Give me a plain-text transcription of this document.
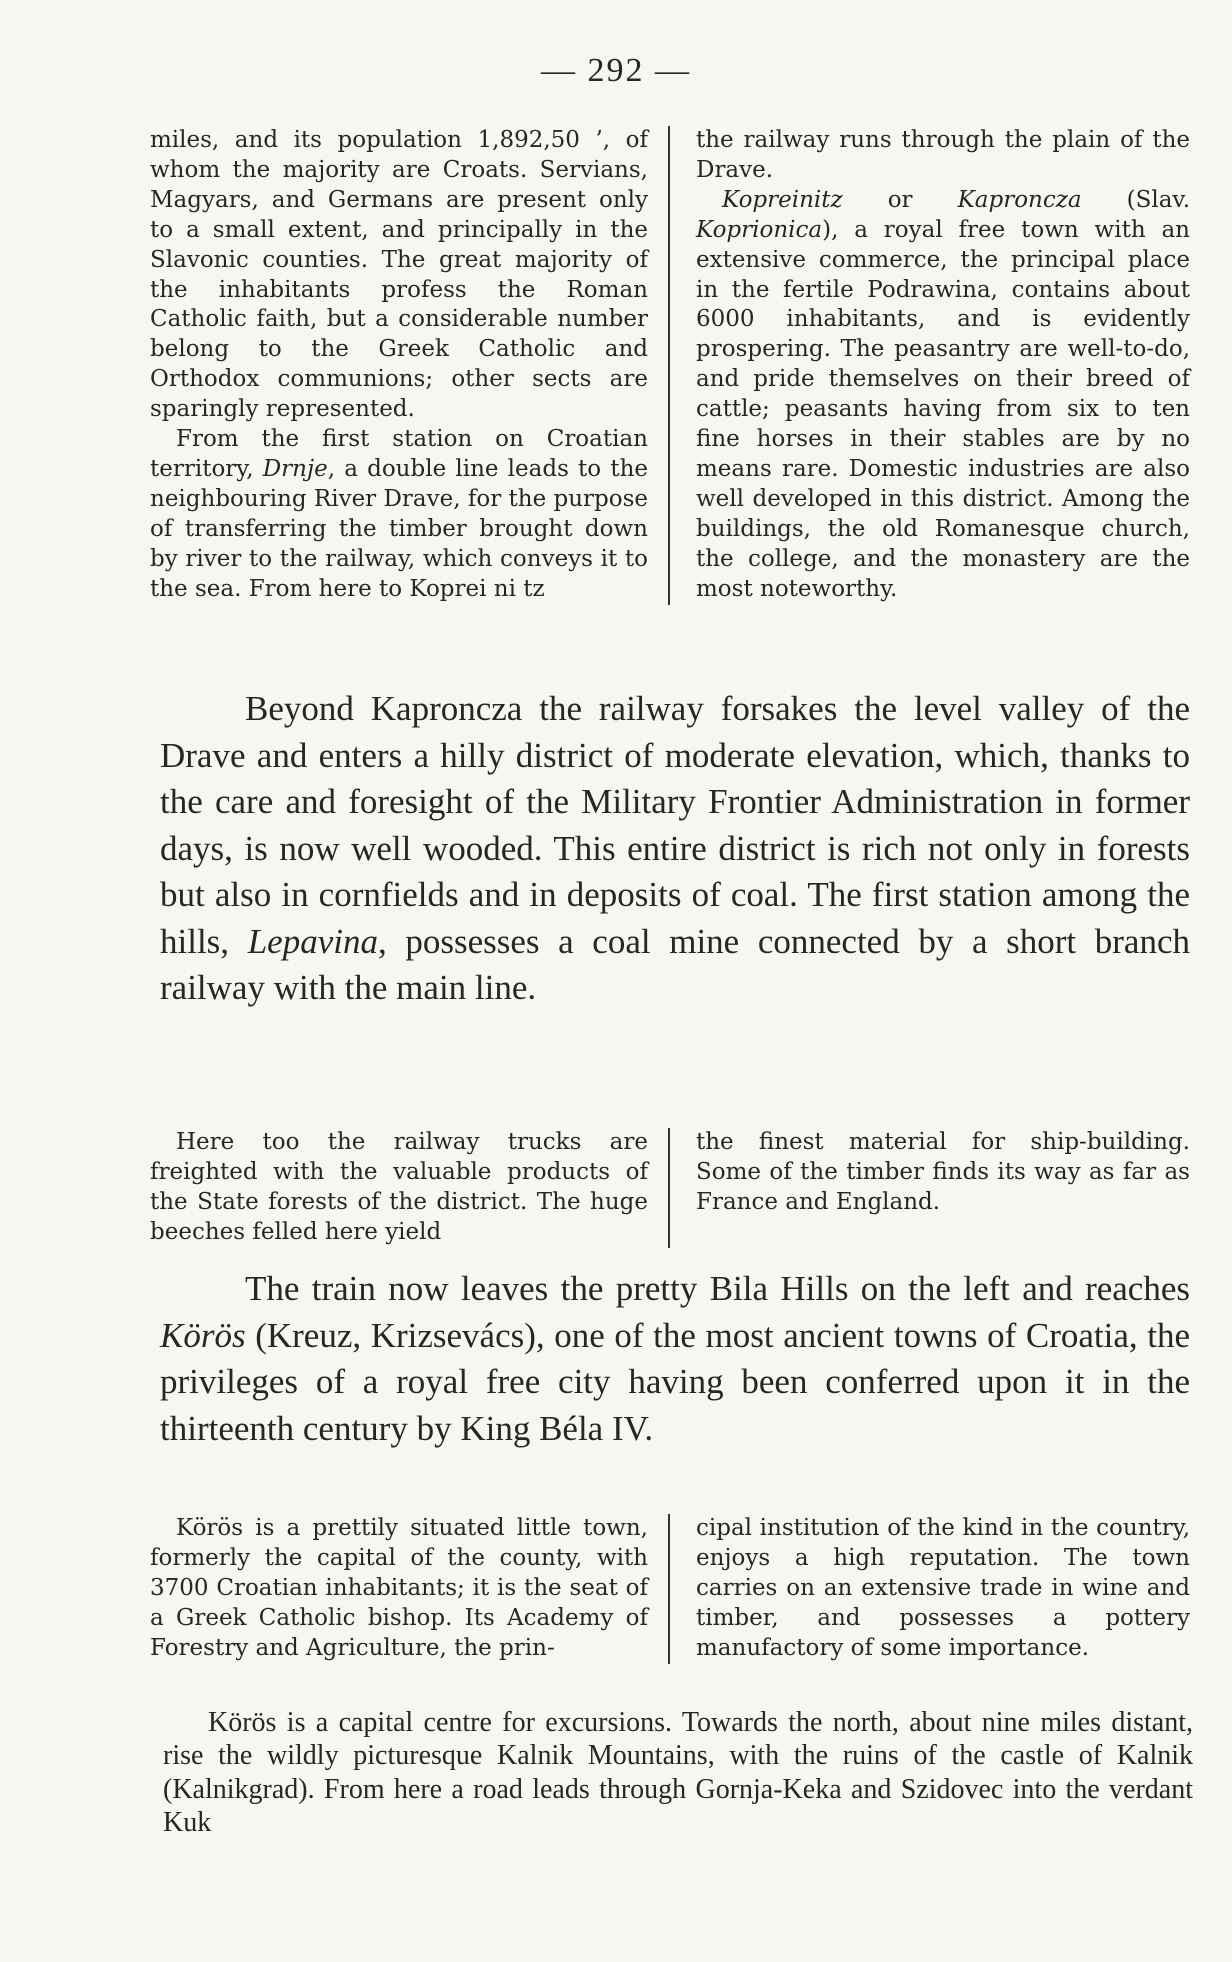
— 292 —

miles, and its population 1,892,50 ’, of whom the majority are Croats. Servians, Magyars, and Germans are present only to a small extent, and principally in the Slavonic counties. The great majority of the inhabitants profess the Roman Catholic faith, but a considerable number belong to the Greek Catholic and Orthodox communions; other sects are sparingly represented.

From the first station on Croatian territory, Drnje, a double line leads to the neighbouring River Drave, for the purpose of transferring the timber brought down by river to the railway, which conveys it to the sea. From here to Koprei ni tz

the railway runs through the plain of the Drave.

Kopreinitz or Kaproncza (Slav. Koprionica), a royal free town with an extensive commerce, the principal place in the fertile Podrawina, contains about 6000 inhabitants, and is evidently prospering. The peasantry are well-to-do, and pride themselves on their breed of cattle; peasants having from six to ten fine horses in their stables are by no means rare. Domestic industries are also well developed in this district. Among the buildings, the old Romanesque church, the college, and the monastery are the most noteworthy.

Beyond Kaproncza the railway forsakes the level valley of the Drave and enters a hilly district of moderate elevation, which, thanks to the care and foresight of the Military Frontier Administration in former days, is now well wooded. This entire district is rich not only in forests but also in cornfields and in deposits of coal. The first station among the hills, Lepavina, possesses a coal mine connected by a short branch railway with the main line.

Here too the railway trucks are freighted with the valuable products of the State forests of the district. The huge beeches felled here yield

the finest material for ship-building. Some of the timber finds its way as far as France and England.

The train now leaves the pretty Bila Hills on the left and reaches Körös (Kreuz, Krizsevács), one of the most ancient towns of Croatia, the privileges of a royal free city having been conferred upon it in the thirteenth century by King Béla IV.

Körös is a prettily situated little town, formerly the capital of the county, with 3700 Croatian inhabitants; it is the seat of a Greek Catholic bishop. Its Academy of Forestry and Agriculture, the prin-

cipal institution of the kind in the country, enjoys a high reputation. The town carries on an extensive trade in wine and timber, and possesses a pottery manufactory of some importance.

Körös is a capital centre for excursions. Towards the north, about nine miles distant, rise the wildly picturesque Kalnik Mountains, with the ruins of the castle of Kalnik (Kalnikgrad). From here a road leads through Gornja-Keka and Szidovec into the verdant Kuk
